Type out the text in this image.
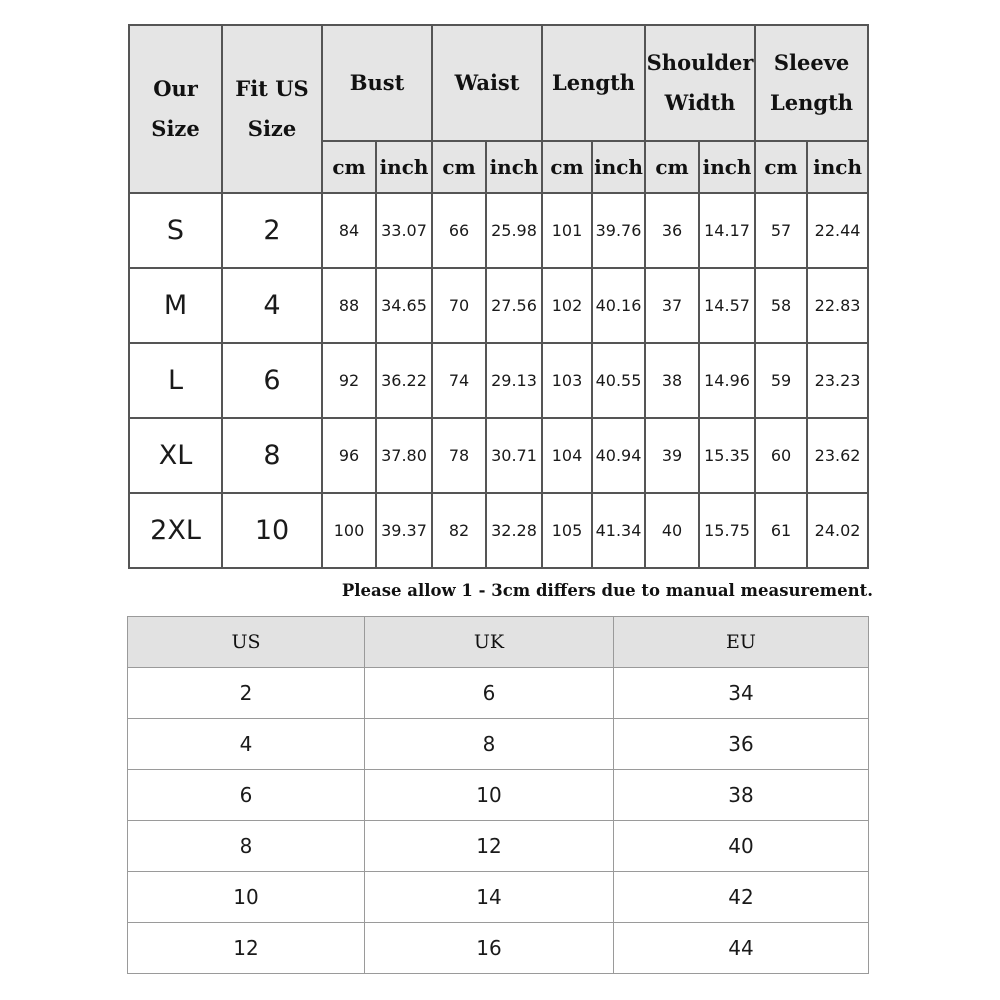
Our Size	Fit US Size	Bust		Waist		Length		Shoulder Width		Sleeve Length	
		cm	inch	cm	inch	cm	inch	cm	inch	cm	inch
S	2	84	33.07	66	25.98	101	39.76	36	14.17	57	22.44
M	4	88	34.65	70	27.56	102	40.16	37	14.57	58	22.83
L	6	92	36.22	74	29.13	103	40.55	38	14.96	59	23.23
XL	8	96	37.80	78	30.71	104	40.94	39	15.35	60	23.62
2XL	10	100	39.37	82	32.28	105	41.34	40	15.75	61	24.02
Please allow 1 - 3cm differs due to manual measurement.
US	UK	EU
2	6	34
4	8	36
6	10	38
8	12	40
10	14	42
12	16	44
